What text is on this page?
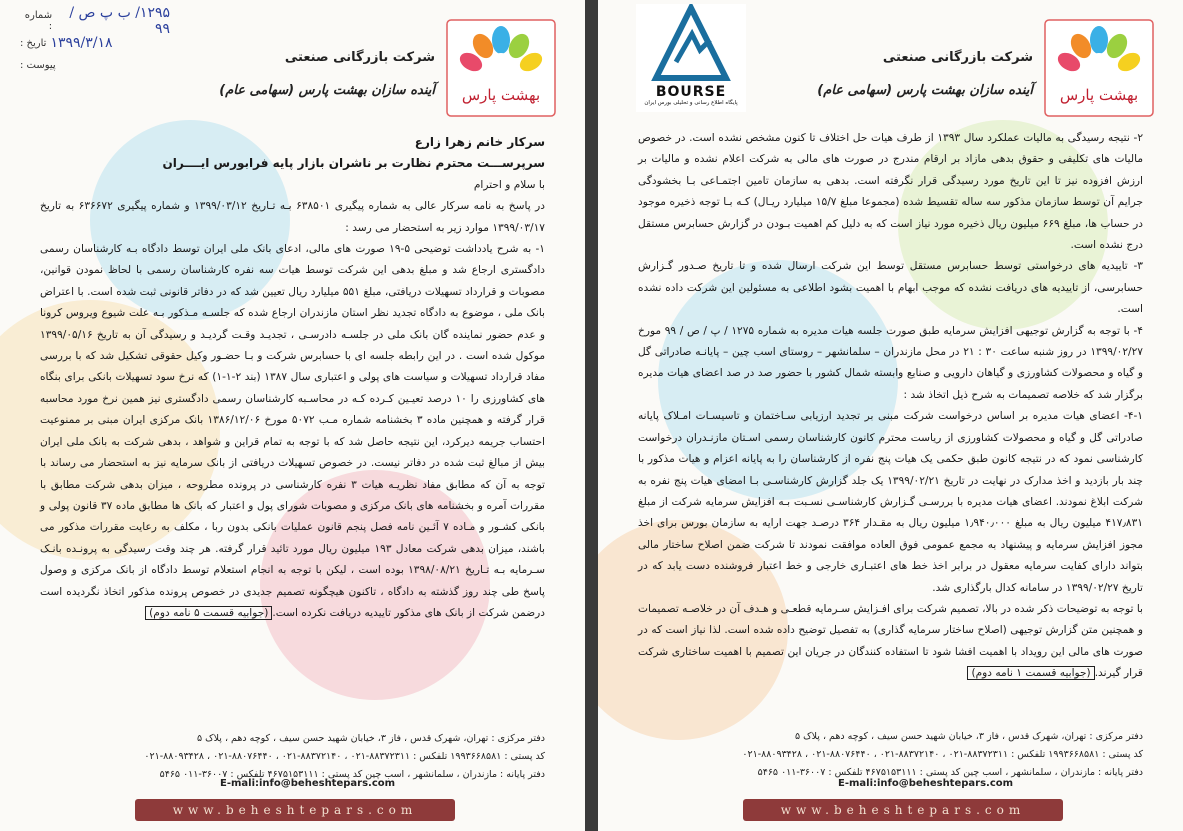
۱۲۹۵/ ب پ ص / ۹۹
شماره :
۱۳۹۹/۳/۱۸
تاریخ :
پیوست :
بهشت پارس
شرکت بازرگانی صنعتی
آینده سازان بهشت پارس (سهامی عام)

سرکار خانم زهرا زارع

سرپرســـت محترم نظارت بر ناشران بازار پایه فرابورس ایــــران

با سلام و احترام

در پاسخ به نامه سرکار عالی به شماره پیگیری ۶۳۸۵۰۱ بـه تـاریخ ۱۳۹۹/۰۳/۱۲ و شماره پیگیری ۶۳۶۶۷۲ به تاریخ ۱۳۹۹/۰۳/۱۷ موارد زیر به استحضار می رسد :

۱- به شرح یادداشت توضیحی ۵-۱۹ صورت های مالی، ادعای بانک ملی ایران توسط دادگاه بـه کارشناسان رسمی دادگستری ارجاع شد و مبلغ بدهی این شرکت توسط هیات سه نفره کارشناسان رسمی با لحاظ نمودن قوانین، مصوبات و قرارداد تسهیلات دریافتی، مبلغ ۵۵۱ میلیارد ریال تعیین شد که در دفاتر قانونی ثبت شده است. با اعتراض بانک ملی ، موضوع به دادگاه تجدید نظر استان مازندران ارجاع شده که جلسـه مـذکور بـه علت شیوع ویروس کرونا و عدم حضور نماینده گان بانک ملی در جلسـه دادرسـی ، تجدیـد وقـت گردیـد و رسیدگی آن به تاریخ ۱۳۹۹/۰۵/۱۶ موکول شده است . در این رابطه جلسه ای با حسابرس شرکت و بـا حضـور وکیل حقوقی تشکیل شد که با بررسی مفاد قرارداد تسهیلات و سیاست های پولی و اعتباری سال ۱۳۸۷ (بند ۲-۱-۱) که نرخ سود تسهیلات بانکی برای بنگاه های کشاورزی را ۱۰ درصد تعیـین کـرده کـه در محاسـبه کارشناسان رسمی دادگستری نیز همین نرخ مورد محاسبه قرار گرفته و همچنین ماده ۳ بخشنامه شماره مـب ۵۰۷۲ مورخ ۱۳۸۶/۱۲/۰۶ بانک مرکزی ایران مبنی بر ممنوعیت احتساب جریمه دیرکرد، این نتیجه حاصل شد که با توجه به تمام قراین و شواهد ، بدهی شرکت به بانک ملی ایران بیش از مبالغ ثبت شده در دفاتر نیست. در خصوص تسهیلات دریافتی از بانک سرمایه نیز به استحضار می رساند با توجه به آن که مطابق مفاد نظریـه هیات ۳ نفره کارشناسی در پرونده مطروحه ، میزان بدهی شرکت مطابق با مقررات آمره و بخشنامه های بانک مرکزی و مصوبات شورای پول و اعتبار که بانک ها مطابق ماده ۳۷ قانون پولی و بانکی کشـور و مـاده ۷ آئـین نامه فصل پنجم قانون عملیات بانکی بدون ربا ، مکلف به رعایت مقررات مذکور می باشند، میزان بدهی شرکت معادل ۱۹۳ میلیون ریال مورد تائید قرار گرفته. هر چند وقت رسیدگی به پرونـده بانـک سـرمایه بـه تـاریخ ۱۳۹۸/۰۸/۲۱ بوده است ، لیکن با توجه به انجام استعلام توسط دادگاه از بانک مرکزی و وصول پاسخ طی چند روز گذشته به دادگاه ، تاکنون هیچگونه تصمیم جدیدی در خصوص پرونده مذکور اتخاذ نگردیده است درضمن شرکت از بانک های مذکور تاییدیه دریافت نکرده است.(جوابیه قسمت ۵ نامه دوم)

دفتر مرکزی : تهران، شهرک قدس ، فاز ۳، خیابان شهید حسن سیف ، کوچه دهم ، پلاک ۵
کد پستی : ۱۹۹۳۶۶۸۵۸۱ تلفکس : ۸۸۳۷۲۳۱۱-۰۲۱ ، ۸۸۳۷۲۱۴۰-۰۲۱ ، ۸۸۰۷۶۴۴۰-۰۲۱ ، ۸۸۰۹۳۴۲۸-۰۲۱
دفتر پایانه : مازندران ، سلمانشهر ، اسب چین کد پستی : ۴۶۷۵۱۵۳۱۱۱ تلفکس : ۳۶۰۰۷-۰۱۱ ۵۴۶۵
E-mali:info@beheshtepars.com
www.beheshtepars.com
BOURSE
پایگاه اطلاع رسانی و تحلیلی بورس ایران	بهشت پارس
شرکت بازرگانی صنعتی
آینده سازان بهشت پارس (سهامی عام)

۲- نتیجه رسیدگی به مالیات عملکرد سال ۱۳۹۳ از طرف هیات حل اختلاف تا کنون مشخص نشده است. در خصوص مالیات های تکلیفی و حقوق بدهی مازاد بر ارقام مندرج در صورت های مالی به شرکت اعلام نشده و مالیات بر ارزش افزوده نیز تا این تاریخ مورد رسیدگی قرار نگرفته است. بدهی به سازمان تامین اجتمـاعی بـا بخشودگی جرایم آن توسط سازمان مذکور سه ساله تقسیط شده (مجموعا مبلغ ۱۵/۷ میلیارد ریـال) کـه بـا توجه ذخیره موجود در حساب ها، مبلغ ۶۶۹ میلیون ریال ذخیره مورد نیاز است که به دلیل کم اهمیت بـودن در گزارش حسابرس مستقل درج نشده است.

۳- تاییدیه های درخواستی توسط حسابرس مستقل توسط این شرکت ارسال شده و تا تاریخ صـدور گـزارش حسابرسی، از تاییدیه های دریافت نشده که موجب ابهام با اهمیت بشود اطلاعی به مسئولین این شرکت داده نشده است.

۴- با توجه به گزارش توجیهی افزایش سرمایه طبق صورت جلسه هیات مدیره به شماره ۱۲۷۵ / پ / ص / ۹۹ مورخ ۱۳۹۹/۰۲/۲۷ در روز شنبه ساعت ۳۰ : ۲۱ در محل مازندران – سلمانشهر – روستای اسب چین – پایانـه صادراتی گل و گیاه و محصولات کشاورزی و گیاهان دارویی و صنایع وابسته شمال کشور با حضور صد در صد اعضای هیات مدیره برگزار شد که خلاصه تصمیمات به شرح ذیل اتخاذ شد :

۴-۱- اعضای هیات مدیره بر اساس درخواست شرکت مبنی بر تجدید ارزیابی سـاختمان و تاسیسـات امـلاک پایانه صادراتی گل و گیاه و محصولات کشاورزی از ریاست محترم کانون کارشناسان رسمی اسـتان مازنـدران درخواست کارشناسی نمود که در نتیجه کانون طبق حکمی یک هیات پنج نفره از کارشناسان را به پایانه اعزام و هیات مذکور با چند بار بازدید و اخذ مدارک در نهایت در تاریخ ۱۳۹۹/۰۲/۲۱ یک جلد گزارش کارشناسـی بـا امضای هیات پنج نفره به شرکت ابلاغ نمودند. اعضای هیات مدیره با بررسـی گـزارش کارشناسـی نسـبت بـه افزایش سرمایه شرکت از مبلغ ۴۱۷٫۸۳۱ میلیون ریال به مبلغ ۱٫۹۴۰٫۰۰۰ میلیون ریال به مقـدار ۳۶۴ درصـد جهت ارایه به سازمان بورس برای اخذ مجوز افزایش سرمایه و پیشنهاد به مجمع عمومی فوق العاده موافقت نمودند تا شرکت ضمن اصلاح ساختار مالی بتواند دارای کفایت سرمایه معقول در برابر اخذ خط های اعتبـاری خارجی و خط اعتبار فروشنده دست یابد که در تاریخ ۱۳۹۹/۰۲/۲۷ در سامانه کدال بارگذاری شد.

با توجه به توضیحات ذکر شده در بالا، تصمیم شرکت برای افـزایش سـرمایه قطعـی و هـدف آن در خلاصـه تصمیمات و همچنین متن گزارش توجیهی (اصلاح ساختار سرمایه گذاری) به تفصیل توضیح داده شده است. لذا نیاز است که در صورت های مالی این رویداد با اهمیت افشا شود تا استفاده کنندگان در جریان این تصمیم با اهمیت ساختاری شرکت قرار گیرند.(جوابیه قسمت ۱ نامه دوم)

دفتر مرکزی : تهران، شهرک قدس ، فاز ۳، خیابان شهید حسن سیف ، کوچه دهم ، پلاک ۵
کد پستی : ۱۹۹۳۶۶۸۵۸۱ تلفکس : ۸۸۳۷۲۳۱۱-۰۲۱ ، ۸۸۳۷۲۱۴۰-۰۲۱ ، ۸۸۰۷۶۴۴۰-۰۲۱ ، ۸۸۰۹۳۴۲۸-۰۲۱
دفتر پایانه : مازندران ، سلمانشهر ، اسب چین کد پستی : ۴۶۷۵۱۵۳۱۱۱ تلفکس : ۳۶۰۰۷-۰۱۱ ۵۴۶۵
E-mali:info@beheshtepars.com
www.beheshtepars.com
